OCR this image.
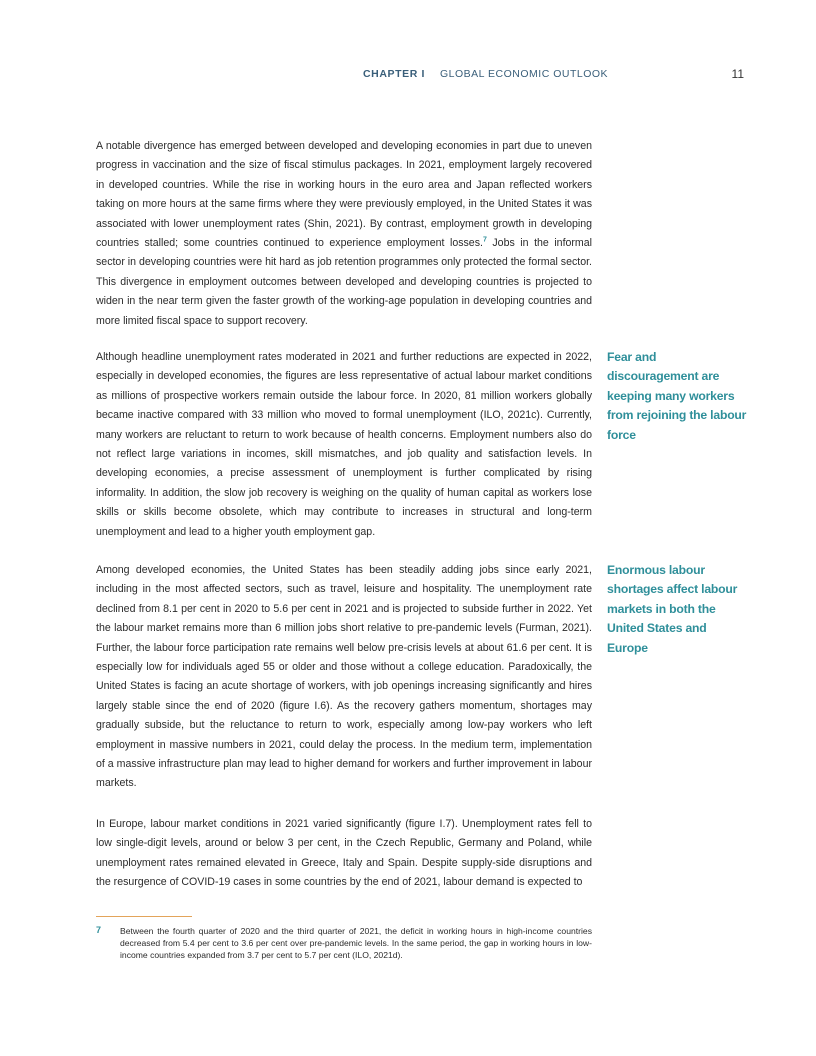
CHAPTER I GLOBAL ECONOMIC OUTLOOK	11

A notable divergence has emerged between developed and developing economies in part due to uneven progress in vaccination and the size of fiscal stimulus packages. In 2021, employment largely recovered in developed countries. While the rise in working hours in the euro area and Japan reflected workers taking on more hours at the same firms where they were previously employed, in the United States it was associated with lower unemployment rates (Shin, 2021). By contrast, employment growth in developing countries stalled; some countries continued to experience employment losses.$^7$ Jobs in the informal sector in developing countries were hit hard as job retention programmes only protected the formal sector. This divergence in employment outcomes between developed and developing countries is projected to widen in the near term given the faster growth of the working-age population in developing countries and more limited fiscal space to support recovery.

Although headline unemployment rates moderated in 2021 and further reductions are expected in 2022, especially in developed economies, the figures are less representative of actual labour market conditions as millions of prospective workers remain outside the labour force. In 2020, 81 million workers globally became inactive compared with 33 million who moved to formal unemployment (ILO, 2021c). Currently, many workers are reluctant to return to work because of health concerns. Employment numbers also do not reflect large variations in incomes, skill mismatches, and job quality and satisfaction levels. In developing economies, a precise assessment of unemployment is further complicated by rising informality. In addition, the slow job recovery is weighing on the quality of human capital as workers lose skills or skills become obsolete, which may contribute to increases in structural and long-term unemployment and lead to a higher youth employment gap.

Among developed economies, the United States has been steadily adding jobs since early 2021, including in the most affected sectors, such as travel, leisure and hospitality. The unemployment rate declined from 8.1 per cent in 2020 to 5.6 per cent in 2021 and is projected to subside further in 2022. Yet the labour market remains more than 6 million jobs short relative to pre-pandemic levels (Furman, 2021). Further, the labour force participation rate remains well below pre-crisis levels at about 61.6 per cent. It is especially low for individuals aged 55 or older and those without a college education. Paradoxically, the United States is facing an acute shortage of workers, with job openings increasing significantly and hires largely stable since the end of 2020 (figure I.6). As the recovery gathers momentum, shortages may gradually subside, but the reluctance to return to work, especially among low-pay workers who left employment in massive numbers in 2021, could delay the process. In the medium term, implementation of a massive infrastructure plan may lead to higher demand for workers and further improvement in labour markets.

In Europe, labour market conditions in 2021 varied significantly (figure I.7). Unemployment rates fell to low single-digit levels, around or below 3 per cent, in the Czech Republic, Germany and Poland, while unemployment rates remained elevated in Greece, Italy and Spain. Despite supply-side disruptions and the resurgence of COVID-19 cases in some countries by the end of 2021, labour demand is expected to

Fear and discouragement are keeping many workers from rejoining the labour force
Enormous labour shortages affect labour markets in both the United States and Europe
7 Between the fourth quarter of 2020 and the third quarter of 2021, the deficit in working hours in high-income countries decreased from 5.4 per cent to 3.6 per cent over pre-pandemic levels. In the same period, the gap in working hours in low-income countries expanded from 3.7 per cent to 5.7 per cent (ILO, 2021d).
